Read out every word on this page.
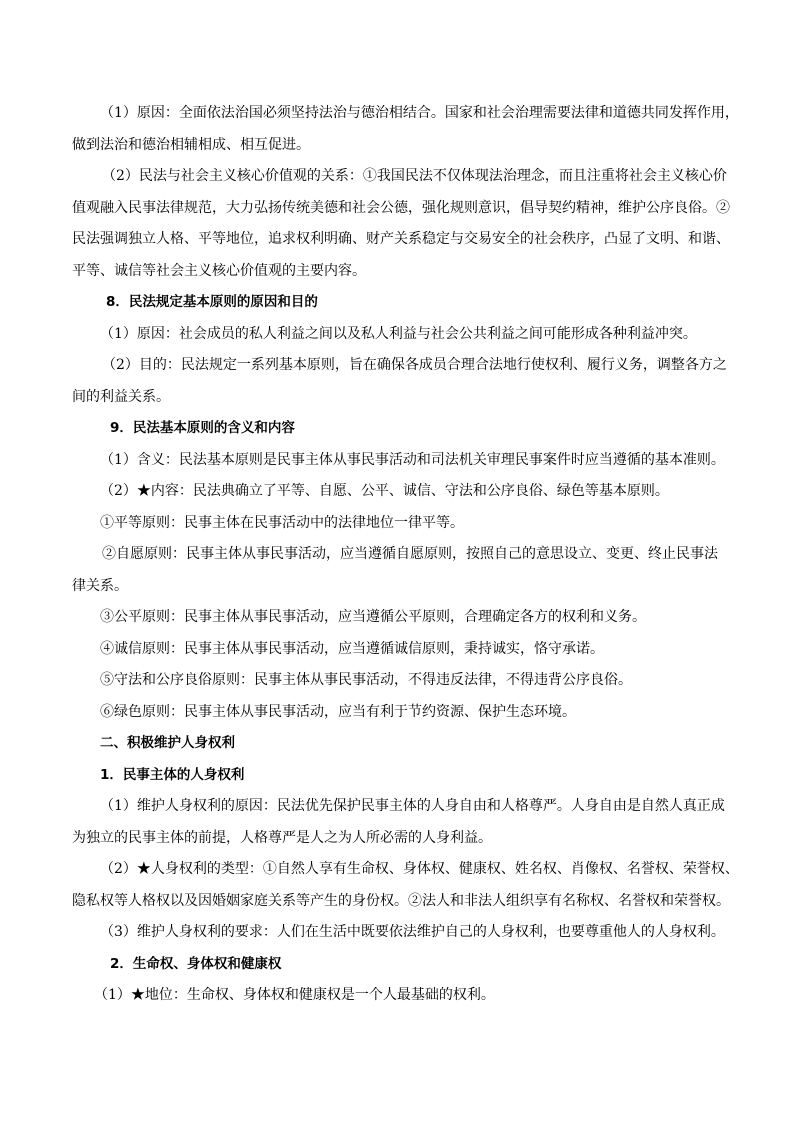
（1）原因：全面依法治国必须坚持法治与德治相结合。国家和社会治理需要法律和道德共同发挥作用，
做到法治和德治相辅相成、相互促进。
（2）民法与社会主义核心价值观的关系：①我国民法不仅体现法治理念，而且注重将社会主义核心价
值观融入民事法律规范，大力弘扬传统美德和社会公德，强化规则意识，倡导契约精神，维护公序良俗。②
民法强调独立人格、平等地位，追求权利明确、财产关系稳定与交易安全的社会秩序，凸显了文明、和谐、
平等、诚信等社会主义核心价值观的主要内容。
8．民法规定基本原则的原因和目的
（1）原因：社会成员的私人利益之间以及私人利益与社会公共利益之间可能形成各种利益冲突。
（2）目的：民法规定一系列基本原则，旨在确保各成员合理合法地行使权利、履行义务，调整各方之
间的利益关系。
9．民法基本原则的含义和内容
（1）含义：民法基本原则是民事主体从事民事活动和司法机关审理民事案件时应当遵循的基本准则。
（2）★内容：民法典确立了平等、自愿、公平、诚信、守法和公序良俗、绿色等基本原则。
①平等原则：民事主体在民事活动中的法律地位一律平等。
②自愿原则：民事主体从事民事活动，应当遵循自愿原则，按照自己的意思设立、变更、终止民事法
律关系。
③公平原则：民事主体从事民事活动，应当遵循公平原则，合理确定各方的权利和义务。
④诚信原则：民事主体从事民事活动，应当遵循诚信原则，秉持诚实，恪守承诺。
⑤守法和公序良俗原则：民事主体从事民事活动，不得违反法律，不得违背公序良俗。
⑥绿色原则：民事主体从事民事活动，应当有利于节约资源、保护生态环境。
二、积极维护人身权利
1．民事主体的人身权利
（1）维护人身权利的原因：民法优先保护民事主体的人身自由和人格尊严。人身自由是自然人真正成
为独立的民事主体的前提，人格尊严是人之为人所必需的人身利益。
（2）★人身权利的类型：①自然人享有生命权、身体权、健康权、姓名权、肖像权、名誉权、荣誉权、
隐私权等人格权以及因婚姻家庭关系等产生的身份权。②法人和非法人组织享有名称权、名誉权和荣誉权。
（3）维护人身权利的要求：人们在生活中既要依法维护自己的人身权利，也要尊重他人的人身权利。
2．生命权、身体权和健康权
（1）★地位：生命权、身体权和健康权是一个人最基础的权利。
